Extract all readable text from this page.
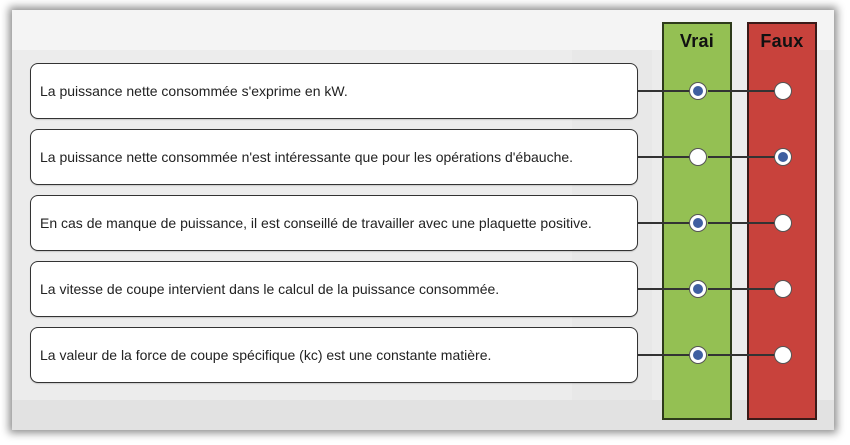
Vrai	Faux
La puissance nette consommée s'exprime en kW.
La puissance nette consommée n'est intéressante que pour les opérations d'ébauche.
En cas de manque de puissance, il est conseillé de travailler avec une plaquette positive.
La vitesse de coupe intervient dans le calcul de la puissance consommée.
La valeur de la force de coupe spécifique (kc) est une constante matière.
